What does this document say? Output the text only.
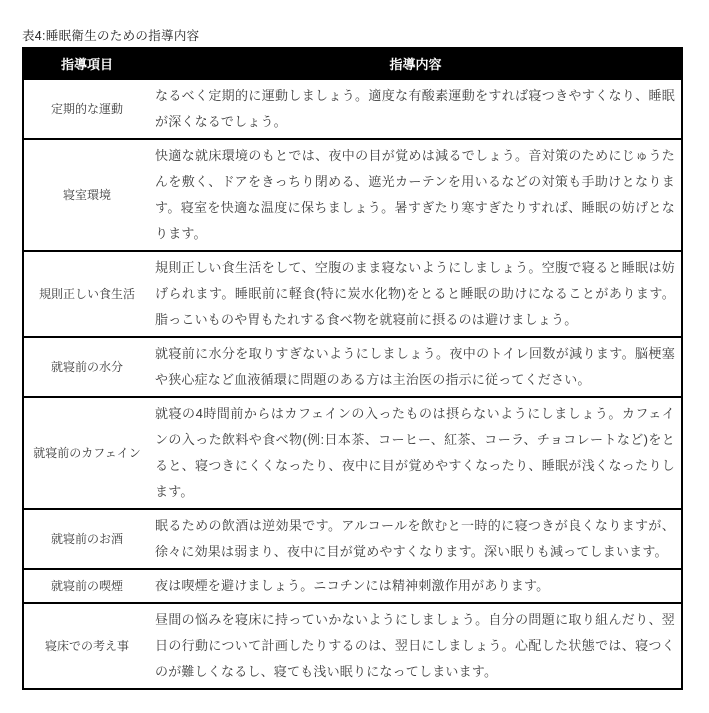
表4:睡眠衛生のための指導内容
指導項目	指導内容
定期的な運動
なるべく定期的に運動しましょう。適度な有酸素運動をすれば寝つきやすくなり、睡眠が深くなるでしょう。
寝室環境
快適な就床環境のもとでは、夜中の目が覚めは減るでしょう。音対策のためにじゅうたんを敷く、ドアをきっちり閉める、遮光カーテンを用いるなどの対策も手助けとなります。寝室を快適な温度に保ちましょう。暑すぎたり寒すぎたりすれば、睡眠の妨げとなります。
規則正しい食生活
規則正しい食生活をして、空腹のまま寝ないようにしましょう。空腹で寝ると睡眠は妨げられます。睡眠前に軽食(特に炭水化物)をとると睡眠の助けになることがあります。脂っこいものや胃もたれする食べ物を就寝前に摂るのは避けましょう。
就寝前の水分
就寝前に水分を取りすぎないようにしましょう。夜中のトイレ回数が減ります。脳梗塞や狭心症など血液循環に問題のある方は主治医の指示に従ってください。
就寝前のカフェイン
就寝の4時間前からはカフェインの入ったものは摂らないようにしましょう。カフェインの入った飲料や食べ物(例:日本茶、コーヒー、紅茶、コーラ、チョコレートなど)をとると、寝つきにくくなったり、夜中に目が覚めやすくなったり、睡眠が浅くなったりします。
就寝前のお酒
眠るための飲酒は逆効果です。アルコールを飲むと一時的に寝つきが良くなりますが、徐々に効果は弱まり、夜中に目が覚めやすくなります。深い眠りも減ってしまいます。
就寝前の喫煙	夜は喫煙を避けましょう。ニコチンには精神刺激作用があります。
寝床での考え事
昼間の悩みを寝床に持っていかないようにしましょう。自分の問題に取り組んだり、翌日の行動について計画したりするのは、翌日にしましょう。心配した状態では、寝つくのが難しくなるし、寝ても浅い眠りになってしまいます。
